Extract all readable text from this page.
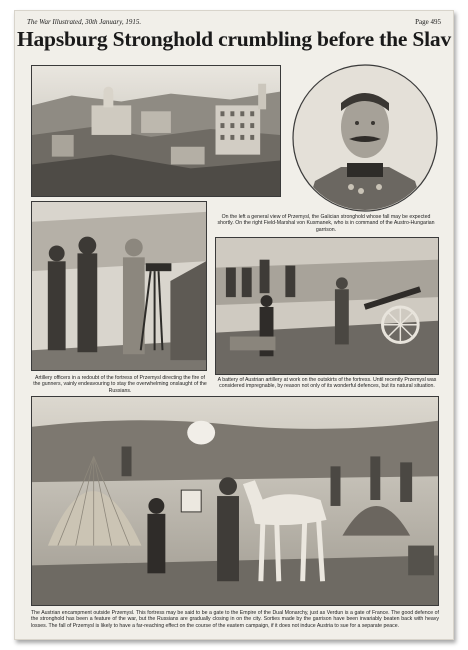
The War Illustrated, 30th January, 1915.	Page 495
Hapsburg Stronghold crumbling before the Slav
On the left a general view of Przemysl, the Galician stronghold whose fall may be expected shortly. On the right Field-Marshal von Kusmanek, who is in command of the Austro-Hungarian garrison.
Artillery officers in a redoubt of the fortress of Przemysl directing the fire of the gunners, vainly endeavouring to stay the overwhelming onslaught of the Russians.
A battery of Austrian artillery at work on the outskirts of the fortress. Until recently Przemysl was considered impregnable, by reason not only of its wonderful defences, but its natural situation.
The Austrian encampment outside Przemysl. This fortress may be said to be a gate to the Empire of the Dual Monarchy, just as Verdun is a gate of France. The good defence of the stronghold has been a feature of the war, but the Russians are gradually closing in on the city. Sorties made by the garrison have been invariably beaten back with heavy losses. The fall of Przemysl is likely to have a far-reaching effect on the course of the eastern campaign, if it does not induce Austria to sue for a separate peace.
